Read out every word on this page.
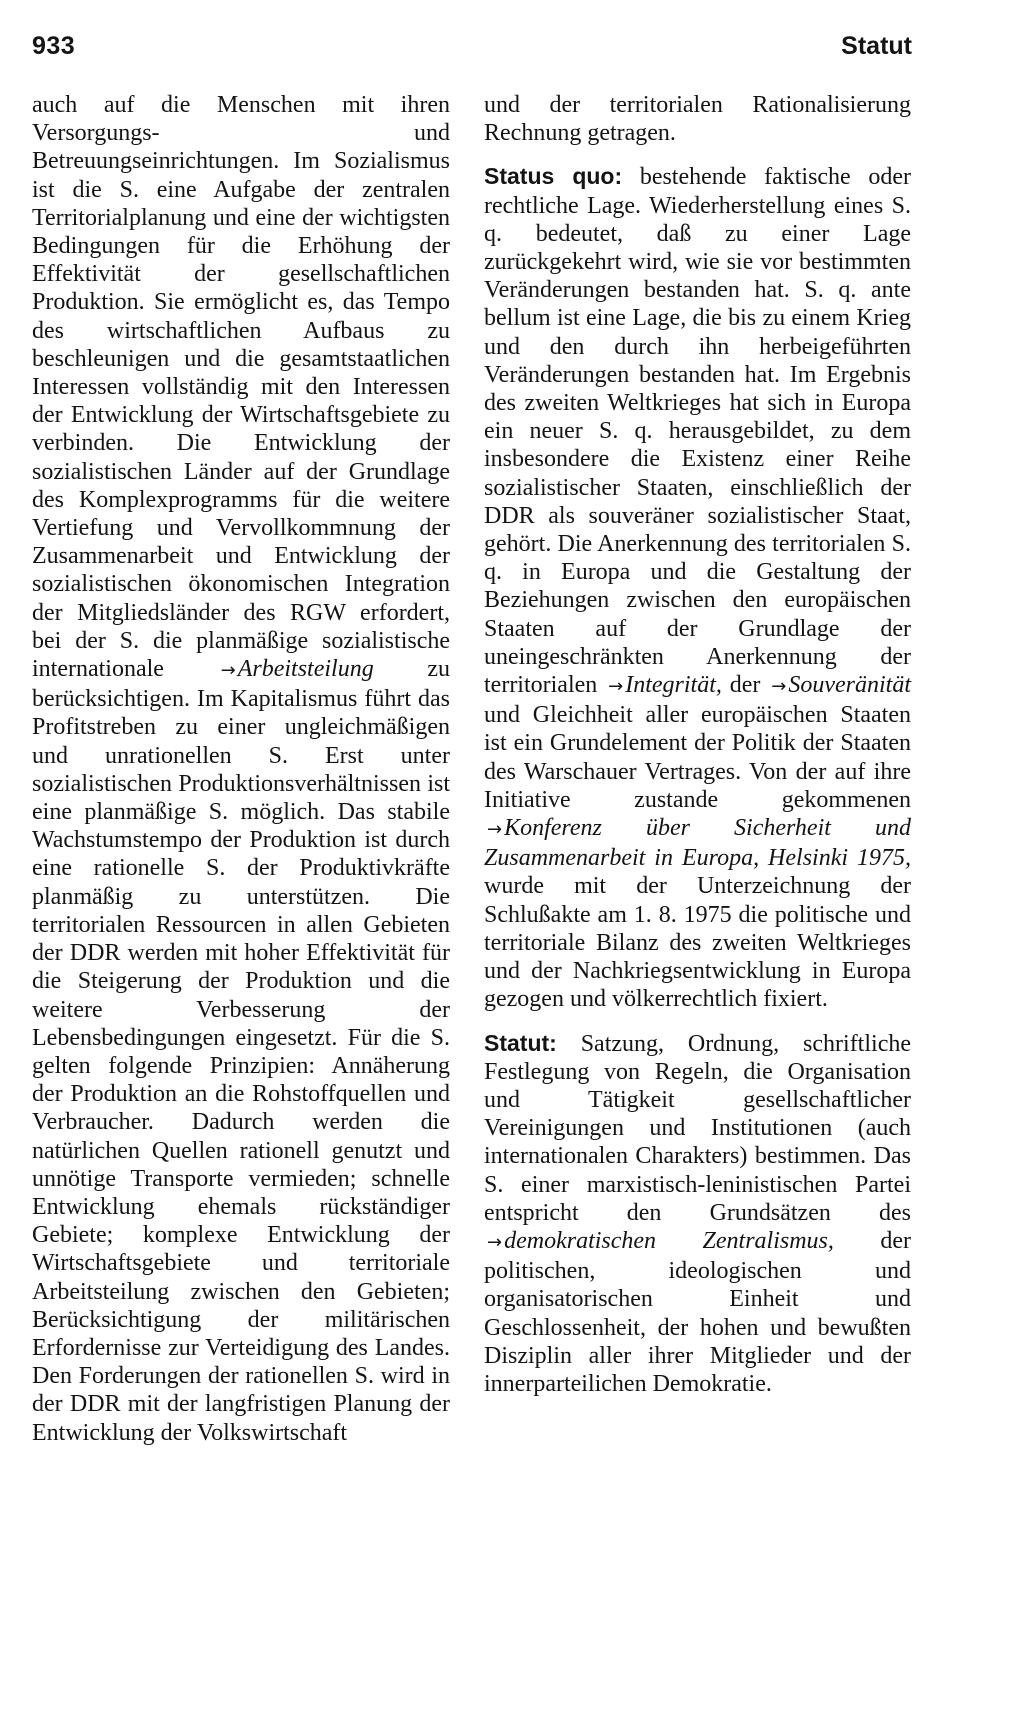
933	Statut

auch auf die Menschen mit ihren Versorgungs- und Betreuungseinrichtungen. Im Sozialismus ist die S. eine Aufgabe der zentralen Territorialplanung und eine der wichtigsten Bedingungen für die Erhöhung der Effektivität der gesellschaftlichen Produktion. Sie ermöglicht es, das Tempo des wirtschaftlichen Aufbaus zu beschleunigen und die gesamtstaatlichen Interessen vollständig mit den Interessen der Entwicklung der Wirtschaftsgebiete zu verbinden. Die Entwicklung der sozialistischen Länder auf der Grundlage des Komplexprogramms für die weitere Vertiefung und Vervollkommnung der Zusammenarbeit und Entwicklung der sozialistischen ökonomischen Integration der Mitgliedsländer des RGW erfordert, bei der S. die planmäßige sozialistische internationale	→ Arbeitsteilung zu berücksichtigen. Im Kapitalismus führt das Profitstreben zu einer ungleichmäßigen und unrationellen S. Erst unter sozialistischen Produktionsverhältnissen ist eine planmäßige S. möglich. Das stabile Wachstumstempo der Produktion ist durch eine rationelle S. der Produktivkräfte planmäßig zu unterstützen. Die territorialen Ressourcen in allen Gebieten der DDR werden mit hoher Effektivität für die Steigerung der Produktion und die weitere Verbesserung der Lebensbedingungen eingesetzt. Für die S. gelten folgende Prinzipien: Annäherung der Produktion an die Rohstoffquellen und Verbraucher. Dadurch werden die natürlichen Quellen rationell genutzt und unnötige Transporte vermieden; schnelle Entwicklung ehemals rückständiger Gebiete; komplexe Entwicklung der Wirtschaftsgebiete und territoriale Arbeitsteilung zwischen den Gebieten; Berücksichtigung der militärischen Erfordernisse zur Verteidigung des Landes. Den Forderungen der rationellen S. wird in der DDR mit der langfristigen Planung der Entwicklung der Volkswirtschaft

und der territorialen Rationalisierung Rechnung getragen.

Status quo: bestehende faktische oder rechtliche Lage. Wiederherstellung eines S. q. bedeutet, daß zu einer Lage zurückgekehrt wird, wie sie vor bestimmten Veränderungen bestanden hat. S. q. ante bellum ist eine Lage, die bis zu einem Krieg und den durch ihn herbeigeführten Veränderungen bestanden hat. Im Ergebnis des zweiten Weltkrieges hat sich in Europa ein neuer S. q. herausgebildet, zu dem insbesondere die Existenz einer Reihe sozialistischer Staaten, einschließlich der DDR als souveräner sozialistischer Staat, gehört. Die Anerkennung des territorialen S. q. in Europa und die Gestaltung der Beziehungen zwischen den europäischen Staaten auf der Grundlage der uneingeschränkten Anerkennung der territorialen → Integrität, der → Souveränität und Gleichheit aller europäischen Staaten ist ein Grundelement der Politik der Staaten des Warschauer Vertrages. Von der auf ihre Initiative zustande gekommenen → Konferenz über Sicherheit und Zusammenarbeit in Europa, Helsinki 1975, wurde mit der Unterzeichnung der Schlußakte am 1. 8. 1975 die politische und territoriale Bilanz des zweiten Weltkrieges und der Nachkriegsentwicklung in Europa gezogen und völkerrechtlich fixiert.

Statut: Satzung, Ordnung, schriftliche Festlegung von Regeln, die Organisation und Tätigkeit gesellschaftlicher Vereinigungen und Institutionen (auch internationalen Charakters) bestimmen. Das S. einer marxistisch-leninistischen Partei entspricht den Grundsätzen des → demokratischen Zentralismus, der politischen, ideologischen und organisatorischen Einheit und Geschlossenheit, der hohen und bewußten Disziplin aller ihrer Mitglieder und der innerparteilichen Demokratie.
